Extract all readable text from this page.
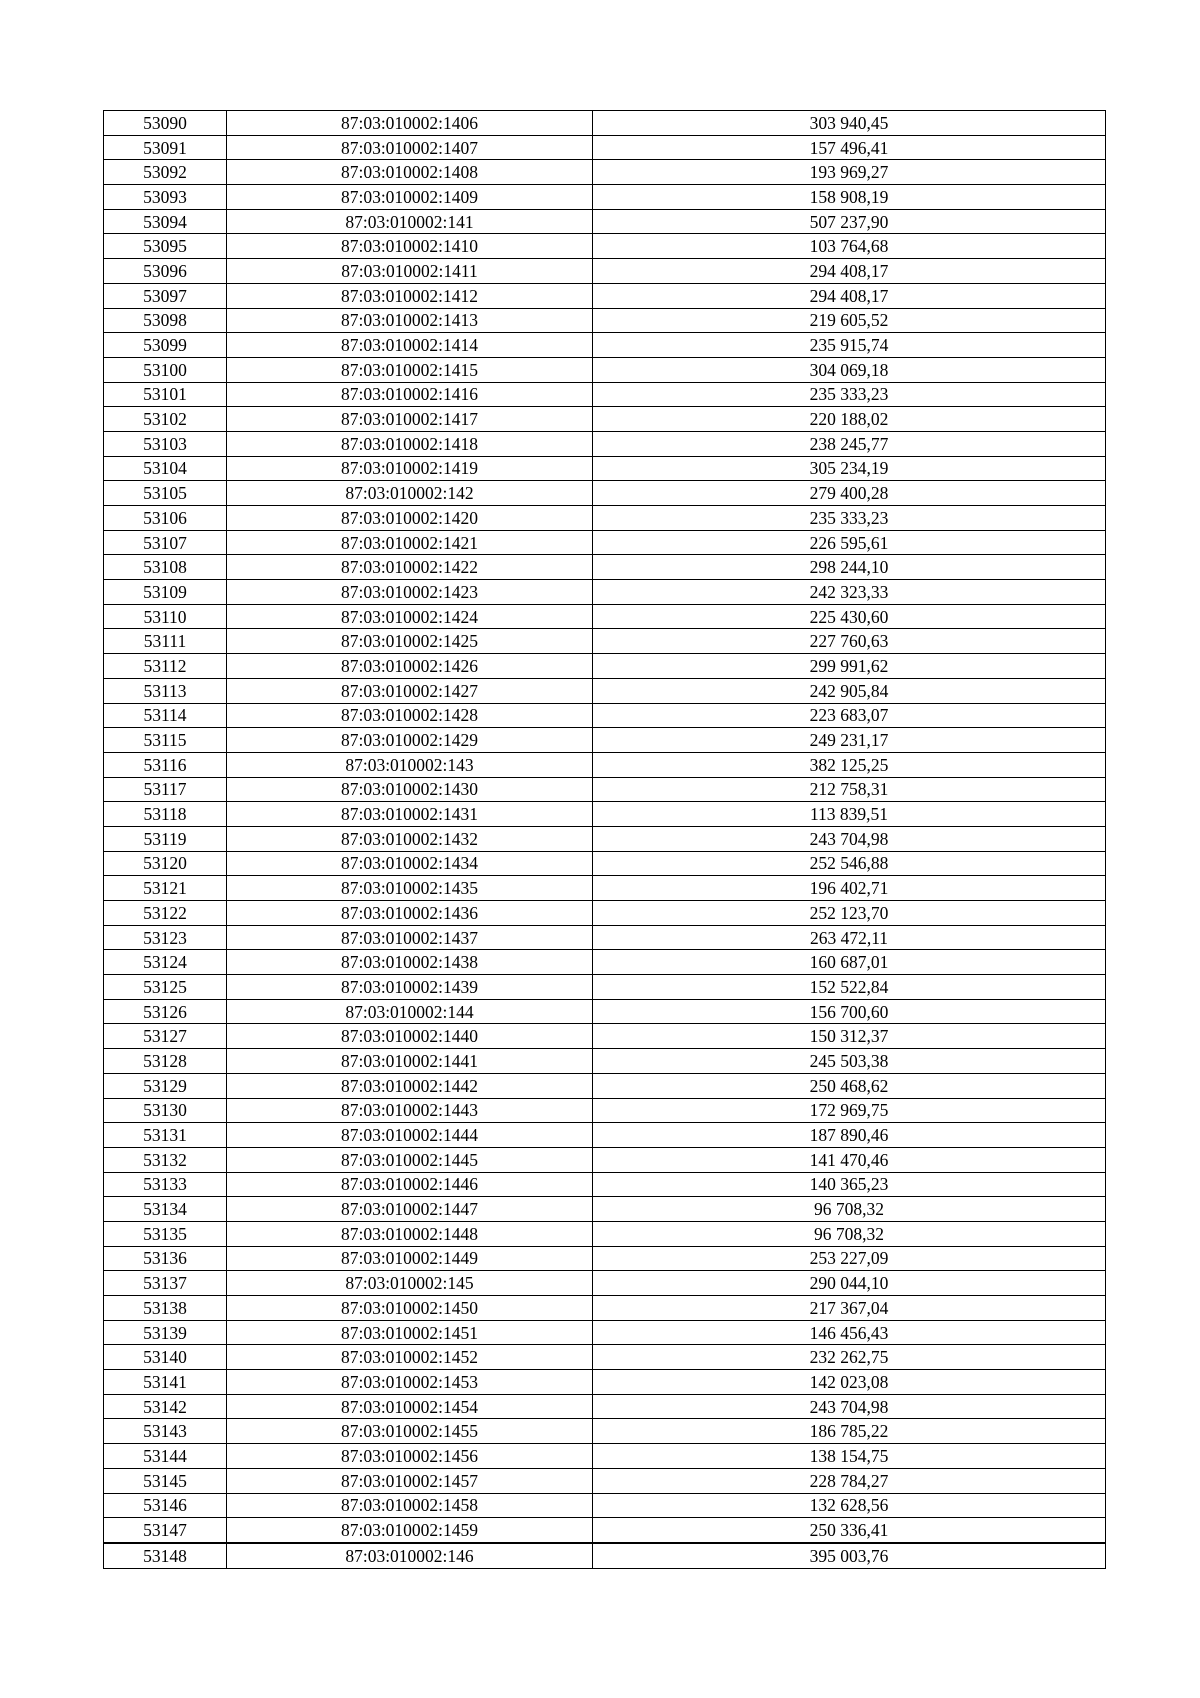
53090	87:03:010002:1406	303 940,45
53091	87:03:010002:1407	157 496,41
53092	87:03:010002:1408	193 969,27
53093	87:03:010002:1409	158 908,19
53094	87:03:010002:141	507 237,90
53095	87:03:010002:1410	103 764,68
53096	87:03:010002:1411	294 408,17
53097	87:03:010002:1412	294 408,17
53098	87:03:010002:1413	219 605,52
53099	87:03:010002:1414	235 915,74
53100	87:03:010002:1415	304 069,18
53101	87:03:010002:1416	235 333,23
53102	87:03:010002:1417	220 188,02
53103	87:03:010002:1418	238 245,77
53104	87:03:010002:1419	305 234,19
53105	87:03:010002:142	279 400,28
53106	87:03:010002:1420	235 333,23
53107	87:03:010002:1421	226 595,61
53108	87:03:010002:1422	298 244,10
53109	87:03:010002:1423	242 323,33
53110	87:03:010002:1424	225 430,60
53111	87:03:010002:1425	227 760,63
53112	87:03:010002:1426	299 991,62
53113	87:03:010002:1427	242 905,84
53114	87:03:010002:1428	223 683,07
53115	87:03:010002:1429	249 231,17
53116	87:03:010002:143	382 125,25
53117	87:03:010002:1430	212 758,31
53118	87:03:010002:1431	113 839,51
53119	87:03:010002:1432	243 704,98
53120	87:03:010002:1434	252 546,88
53121	87:03:010002:1435	196 402,71
53122	87:03:010002:1436	252 123,70
53123	87:03:010002:1437	263 472,11
53124	87:03:010002:1438	160 687,01
53125	87:03:010002:1439	152 522,84
53126	87:03:010002:144	156 700,60
53127	87:03:010002:1440	150 312,37
53128	87:03:010002:1441	245 503,38
53129	87:03:010002:1442	250 468,62
53130	87:03:010002:1443	172 969,75
53131	87:03:010002:1444	187 890,46
53132	87:03:010002:1445	141 470,46
53133	87:03:010002:1446	140 365,23
53134	87:03:010002:1447	96 708,32
53135	87:03:010002:1448	96 708,32
53136	87:03:010002:1449	253 227,09
53137	87:03:010002:145	290 044,10
53138	87:03:010002:1450	217 367,04
53139	87:03:010002:1451	146 456,43
53140	87:03:010002:1452	232 262,75
53141	87:03:010002:1453	142 023,08
53142	87:03:010002:1454	243 704,98
53143	87:03:010002:1455	186 785,22
53144	87:03:010002:1456	138 154,75
53145	87:03:010002:1457	228 784,27
53146	87:03:010002:1458	132 628,56
53147	87:03:010002:1459	250 336,41
53148	87:03:010002:146	395 003,76
